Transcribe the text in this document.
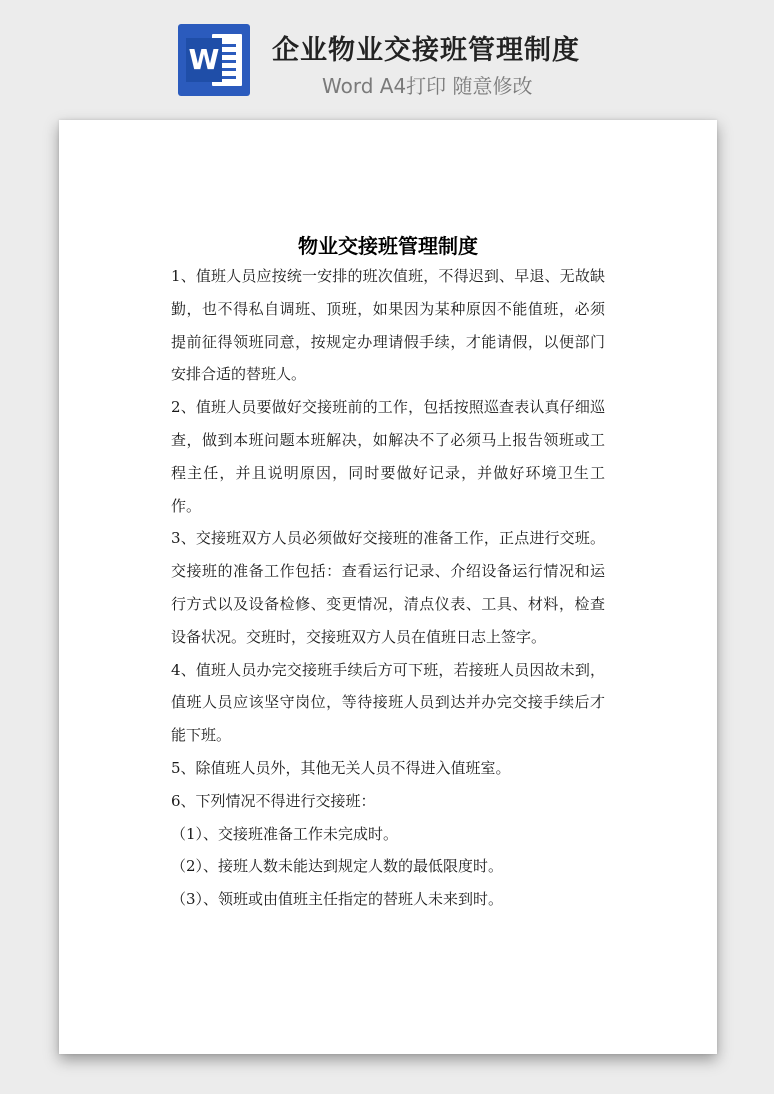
W 企业物业交接班管理制度
Word A4打印 随意修改
物业交接班管理制度

1、值班人员应按统一安排的班次值班，不得迟到、早退、无故缺勤，也不得私自调班、顶班，如果因为某种原因不能值班，必须提前征得领班同意，按规定办理请假手续，才能请假，以便部门安排合适的替班人。

2、值班人员要做好交接班前的工作，包括按照巡查表认真仔细巡查，做到本班问题本班解决，如解决不了必须马上报告领班或工程主任，并且说明原因，同时要做好记录，并做好环境卫生工作。

3、交接班双方人员必须做好交接班的准备工作，正点进行交班。交接班的准备工作包括：查看运行记录、介绍设备运行情况和运行方式以及设备检修、变更情况，清点仪表、工具、材料，检查设备状况。交班时，交接班双方人员在值班日志上签字。

4、值班人员办完交接班手续后方可下班，若接班人员因故未到，值班人员应该坚守岗位，等待接班人员到达并办完交接手续后才能下班。

5、除值班人员外，其他无关人员不得进入值班室。

6、下列情况不得进行交接班：

（1）、交接班准备工作未完成时。

（2）、接班人数未能达到规定人数的最低限度时。

（3）、领班或由值班主任指定的替班人未来到时。
